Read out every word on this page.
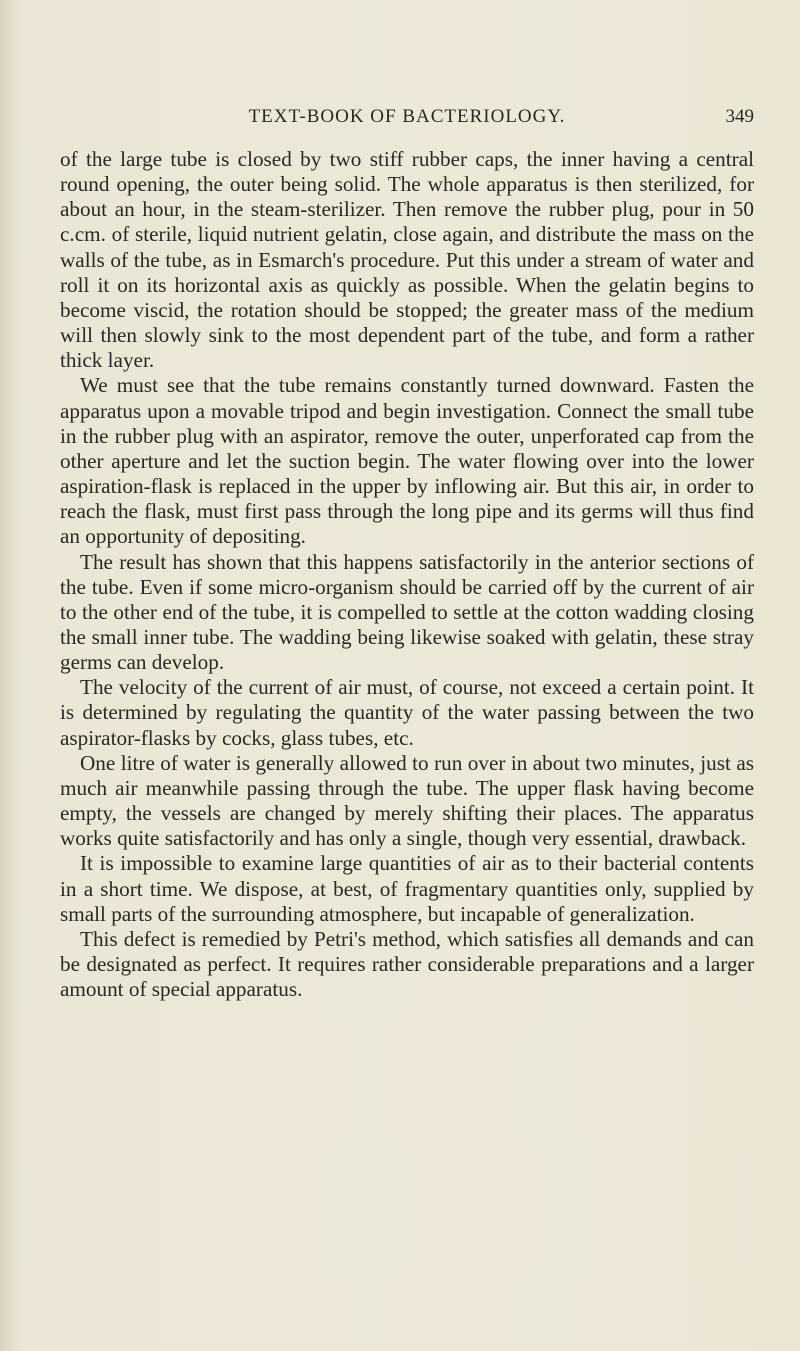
TEXT-BOOK OF BACTERIOLOGY.	349

of the large tube is closed by two stiff rubber caps, the inner having a central round opening, the outer being solid. The whole apparatus is then sterilized, for about an hour, in the steam-sterilizer. Then remove the rubber plug, pour in 50 c.cm. of sterile, liquid nutrient gelatin, close again, and distribute the mass on the walls of the tube, as in Esmarch's procedure. Put this under a stream of water and roll it on its horizontal axis as quickly as possible. When the gelatin begins to become viscid, the rotation should be stopped; the greater mass of the medium will then slowly sink to the most dependent part of the tube, and form a rather thick layer.

We must see that the tube remains constantly turned downward. Fasten the apparatus upon a movable tripod and begin investigation. Connect the small tube in the rubber plug with an aspirator, remove the outer, unperforated cap from the other aperture and let the suction begin. The water flowing over into the lower aspiration-flask is replaced in the upper by inflowing air. But this air, in order to reach the flask, must first pass through the long pipe and its germs will thus find an opportunity of depositing.

The result has shown that this happens satisfactorily in the anterior sections of the tube. Even if some micro-organism should be carried off by the current of air to the other end of the tube, it is compelled to settle at the cotton wadding closing the small inner tube. The wadding being likewise soaked with gelatin, these stray germs can develop.

The velocity of the current of air must, of course, not exceed a certain point. It is determined by regulating the quantity of the water passing between the two aspirator-flasks by cocks, glass tubes, etc.

One litre of water is generally allowed to run over in about two minutes, just as much air meanwhile passing through the tube. The upper flask having become empty, the vessels are changed by merely shifting their places. The apparatus works quite satisfactorily and has only a single, though very essential, drawback.

It is impossible to examine large quantities of air as to their bacterial contents in a short time. We dispose, at best, of fragmentary quantities only, supplied by small parts of the surrounding atmosphere, but incapable of generalization.

This defect is remedied by Petri's method, which satisfies all demands and can be designated as perfect. It requires rather considerable preparations and a larger amount of special apparatus.
